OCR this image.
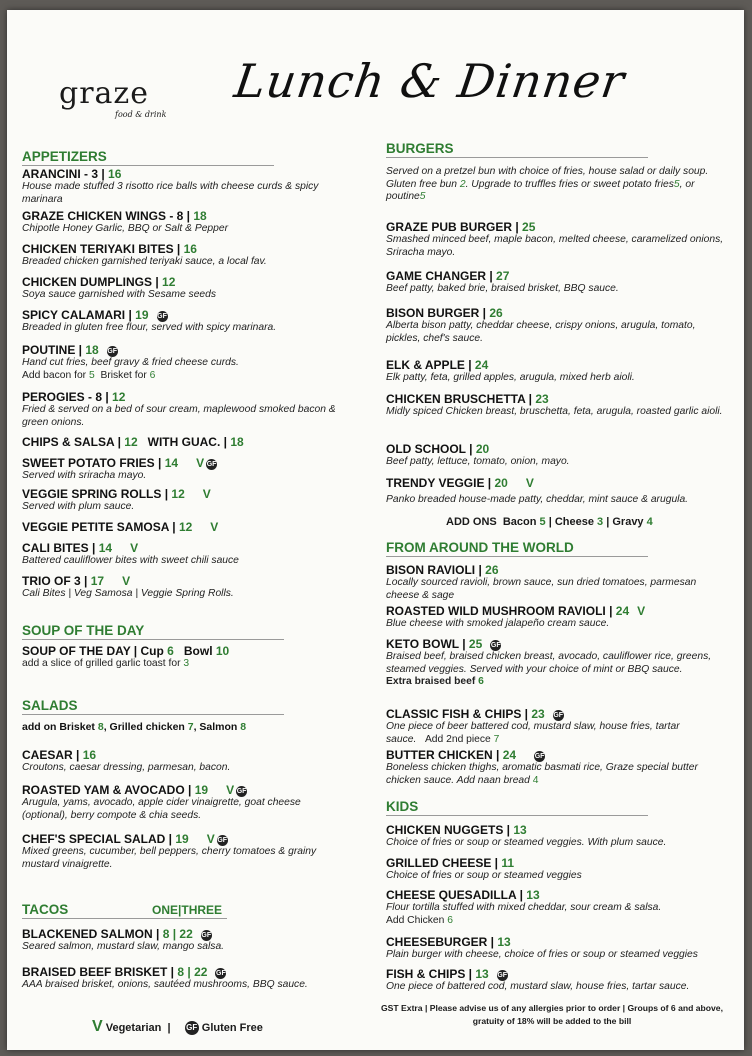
graze
food & drink
Lunch & Dinner
APPETIZERS
ARANCINI - 3 | 16
House made stuffed 3 risotto rice balls with cheese curds & spicy marinara
GRAZE CHICKEN WINGS - 8 | 18
Chipotle Honey Garlic, BBQ or Salt & Pepper
CHICKEN TERIYAKI BITES | 16
Breaded chicken garnished teriyaki sauce, a local fav.
CHICKEN DUMPLINGS | 12
Soya sauce garnished with Sesame seeds
SPICY CALAMARI | 19 GF
Breaded in gluten free flour, served with spicy marinara.
POUTINE | 18 GF
Hand cut fries, beef gravy & fried cheese curds.
Add bacon for 5 Brisket for 6
PEROGIES - 8 | 12
Fried & served on a bed of sour cream, maplewood smoked bacon & green onions.
CHIPS & SALSA | 12 WITH GUAC. | 18
SWEET POTATO FRIES | 14 V GF
Served with sriracha mayo.
VEGGIE SPRING ROLLS | 12 V
Served with plum sauce.
VEGGIE PETITE SAMOSA | 12 V
CALI BITES | 14 V
Battered cauliflower bites with sweet chili sauce
TRIO OF 3 | 17 V
Cali Bites | Veg Samosa | Veggie Spring Rolls.
SOUP OF THE DAY
SOUP OF THE DAY | Cup 6 Bowl 10
add a slice of grilled garlic toast for 3
SALADS
add on Brisket 8, Grilled chicken 7, Salmon 8
CAESAR | 16
Croutons, caesar dressing, parmesan, bacon.
ROASTED YAM & AVOCADO | 19 V GF
Arugula, yams, avocado, apple cider vinaigrette, goat cheese (optional), berry compote & chia seeds.
CHEF'S SPECIAL SALAD | 19 V GF
Mixed greens, cucumber, bell peppers, cherry tomatoes & grainy mustard vinaigrette.
TACOS	ONE|THREE
BLACKENED SALMON | 8 | 22 GF
Seared salmon, mustard slaw, mango salsa.
BRAISED BEEF BRISKET | 8 | 22 GF
AAA braised brisket, onions, sautéed mushrooms, BBQ sauce.
BURGERS
Served on a pretzel bun with choice of fries, house salad or daily soup. Gluten free bun 2. Upgrade to truffles fries or sweet potato fries5, or poutine5
GRAZE PUB BURGER | 25
Smashed minced beef, maple bacon, melted cheese, caramelized onions, Sriracha mayo.
GAME CHANGER | 27
Beef patty, baked brie, braised brisket, BBQ sauce.
BISON BURGER | 26
Alberta bison patty, cheddar cheese, crispy onions, arugula, tomato, pickles, chef's sauce.
ELK & APPLE | 24
Elk patty, feta, grilled apples, arugula, mixed herb aioli.
CHICKEN BRUSCHETTA | 23
Midly spiced Chicken breast, bruschetta, feta, arugula, roasted garlic aioli.
OLD SCHOOL | 20
Beef patty, lettuce, tomato, onion, mayo.
TRENDY VEGGIE | 20 V
Panko breaded house-made patty, cheddar, mint sauce & arugula.
ADD ONS  Bacon 5 | Cheese 3 | Gravy 4
FROM AROUND THE WORLD
BISON RAVIOLI | 26
Locally sourced ravioli, brown sauce, sun dried tomatoes, parmesan cheese & sage
ROASTED WILD MUSHROOM RAVIOLI | 24 V
Blue cheese with smoked jalapeño cream sauce.
KETO BOWL | 25 GF
Braised beef, braised chicken breast, avocado, cauliflower rice, greens, steamed veggies. Served with your choice of mint or BBQ sauce.
Extra braised beef 6
CLASSIC FISH & CHIPS | 23 GF
One piece of beer battered cod, mustard slaw, house fries, tartar sauce. Add 2nd piece 7
BUTTER CHICKEN | 24	GF
Boneless chicken thighs, aromatic basmati rice, Graze special butter chicken sauce. Add naan bread 4
KIDS
CHICKEN NUGGETS | 13
Choice of fries or soup or steamed veggies. With plum sauce.
GRILLED CHEESE | 11
Choice of fries or soup or steamed veggies
CHEESE QUESADILLA | 13
Flour tortilla stuffed with mixed cheddar, sour cream & salsa.
Add Chicken 6
CHEESEBURGER | 13
Plain burger with cheese, choice of fries or soup or steamed veggies
FISH & CHIPS | 13 GF
One piece of battered cod, mustard slaw, house fries, tartar sauce.
V Vegetarian | GF Gluten Free
GST Extra | Please advise us of any allergies prior to order | Groups of 6 and above, gratuity of 18% will be added to the bill
